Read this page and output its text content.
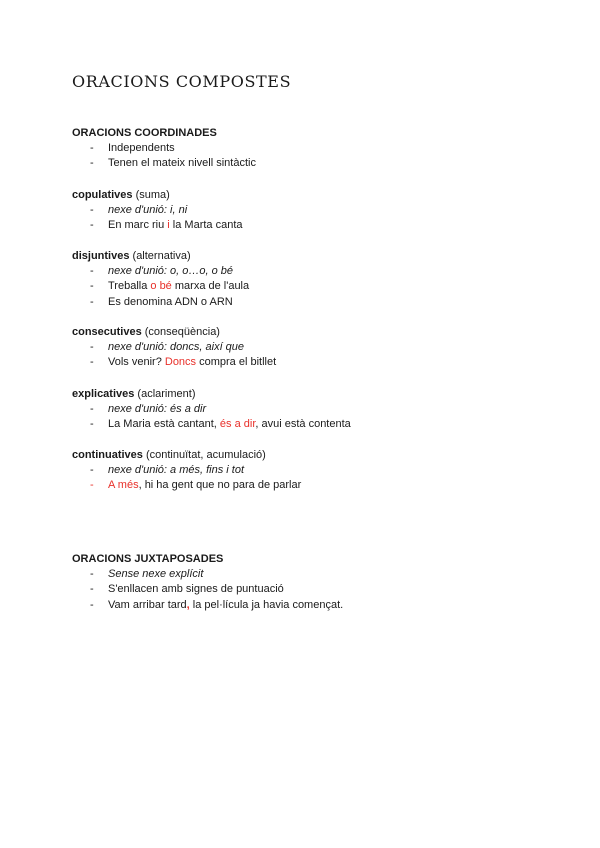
ORACIONS COMPOSTES

ORACIONS COORDINADES

- Independents
- Tenen el mateix nivell sintàctic

copulatives (suma)

- nexe d'unió: i, ni
- En marc riu i la Marta canta

disjuntives (alternativa)

- nexe d'unió: o, o…o, o bé
- Treballa o bé marxa de l'aula
- Es denomina ADN o ARN

consecutives (conseqüència)

- nexe d'unió: doncs, així que
- Vols venir? Doncs compra el bitllet

explicatives (aclariment)

- nexe d'unió: és a dir
- La Maria està cantant, és a dir, avui està contenta

continuatives (continuïtat, acumulació)

- nexe d'unió: a més, fins i tot
- A més, hi ha gent que no para de parlar

ORACIONS JUXTAPOSADES

- Sense nexe explícit
- S'enllacen amb signes de puntuació
- Vam arribar tard, la pel·lícula ja havia començat.
